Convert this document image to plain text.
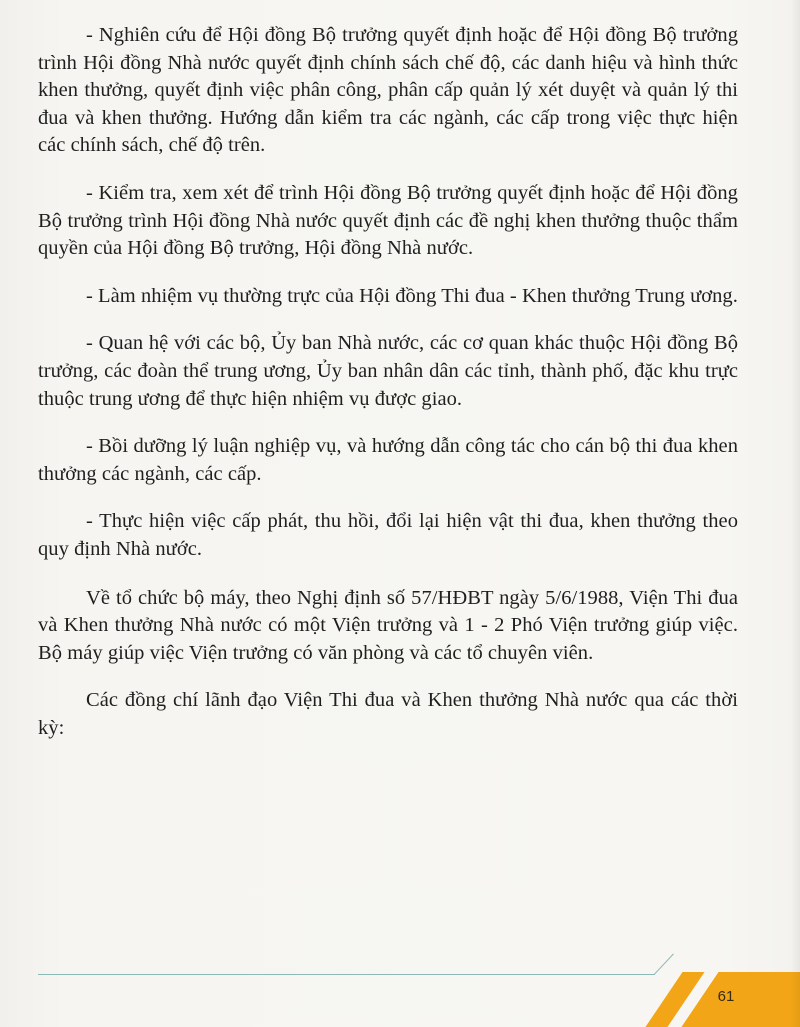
- Nghiên cứu để Hội đồng Bộ trưởng quyết định hoặc để Hội đồng Bộ trưởng trình Hội đồng Nhà nước quyết định chính sách chế độ, các danh hiệu và hình thức khen thưởng, quyết định việc phân công, phân cấp quản lý xét duyệt và quản lý thi đua và khen thưởng. Hướng dẫn kiểm tra các ngành, các cấp trong việc thực hiện các chính sách, chế độ trên.

- Kiểm tra, xem xét để trình Hội đồng Bộ trưởng quyết định hoặc để Hội đồng Bộ trưởng trình Hội đồng Nhà nước quyết định các đề nghị khen thưởng thuộc thẩm quyền của Hội đồng Bộ trưởng, Hội đồng Nhà nước.

- Làm nhiệm vụ thường trực của Hội đồng Thi đua - Khen thưởng Trung ương.

- Quan hệ với các bộ, Ủy ban Nhà nước, các cơ quan khác thuộc Hội đồng Bộ trưởng, các đoàn thể trung ương, Ủy ban nhân dân các tỉnh, thành phố, đặc khu trực thuộc trung ương để thực hiện nhiệm vụ được giao.

- Bồi dưỡng lý luận nghiệp vụ, và hướng dẫn công tác cho cán bộ thi đua khen thưởng các ngành, các cấp.

- Thực hiện việc cấp phát, thu hồi, đổi lại hiện vật thi đua, khen thưởng theo quy định Nhà nước.

Về tổ chức bộ máy, theo Nghị định số 57/HĐBT ngày 5/6/1988, Viện Thi đua và Khen thưởng Nhà nước có một Viện trưởng và 1 - 2 Phó Viện trưởng giúp việc. Bộ máy giúp việc Viện trưởng có văn phòng và các tổ chuyên viên.

Các đồng chí lãnh đạo Viện Thi đua và Khen thưởng Nhà nước qua các thời kỳ:

61
